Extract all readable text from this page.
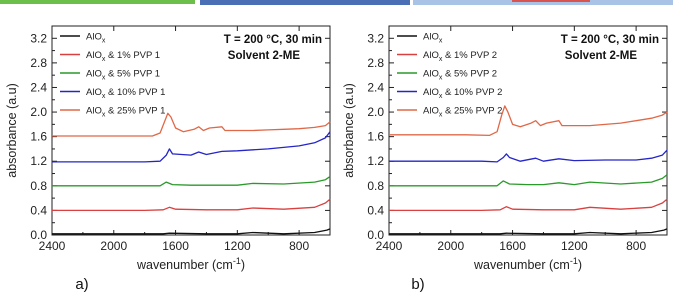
2400	2000	1600	1200	800
0.0
0.4
0.8
1.2
1.6
2.0
2.4
2.8
3.2
absorbance (a.u)
wavenumber $(cm^{-1})$
a)
T = 200 °C, 30 min
Solvent 2-ME
AlO$_x$
AlO$_x$ & 1% PVP 1
AlO$_x$ & 5% PVP 1
AlO$_x$ & 10% PVP 1
AlO$_x$ & 25% PVP 1
2400	2000	1600	1200	800
0.0
0.4
0.8
1.2
1.6
2.0
2.4
2.8
3.2
absorbance (a.u)
wavenumber $(cm^{-1})$
b)
T = 200 °C, 30 min
Solvent 2-ME
AlO$_x$
AlO$_x$ & 1% PVP 2
AlO$_x$ & 5% PVP 2
AlO$_x$ & 10% PVP 2
AlO$_x$ & 25% PVP 2
